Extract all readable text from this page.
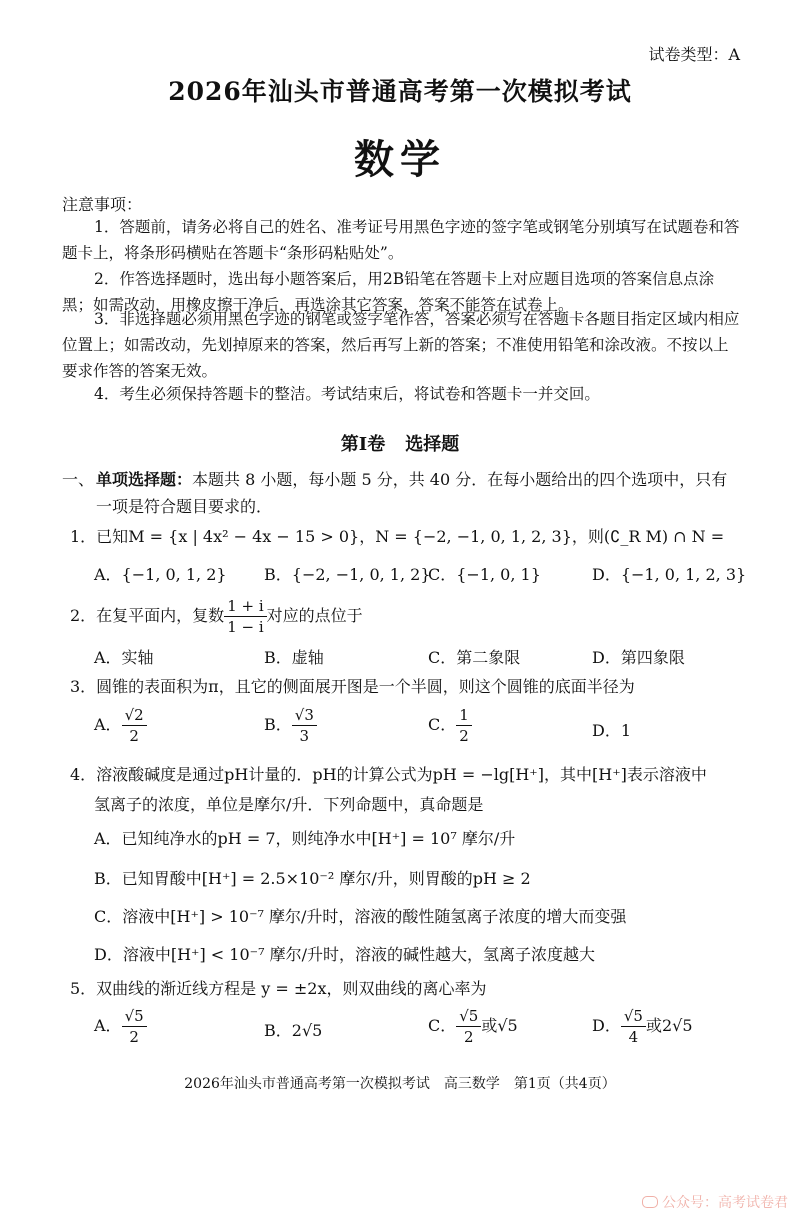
试卷类型：A
2026年汕头市普通高考第一次模拟考试
数学
注意事项：
1．答题前，请务必将自己的姓名、准考证号用黑色字迹的签字笔或钢笔分别填写在试题卷和答题卡上，将条形码横贴在答题卡“条形码粘贴处”。
2．作答选择题时，选出每小题答案后，用2B铅笔在答题卡上对应题目选项的答案信息点涂黑；如需改动，用橡皮擦干净后，再选涂其它答案，答案不能答在试卷上。
3．非选择题必须用黑色字迹的钢笔或签字笔作答，答案必须写在答题卡各题目指定区域内相应位置上；如需改动，先划掉原来的答案，然后再写上新的答案；不准使用铅笔和涂改液。不按以上要求作答的答案无效。
4．考生必须保持答题卡的整洁。考试结束后，将试卷和答题卡一并交回。
第Ⅰ卷 选择题
一、 单项选择题：本题共 8 小题，每小题 5 分，共 40 分．在每小题给出的四个选项中，只有
一项是符合题目要求的．
1．已知M = {x | 4x² − 4x − 15 > 0}，N = {−2, −1, 0, 1, 2, 3}，则(∁_R M) ∩ N =
A．{−1, 0, 1, 2} B．{−2, −1, 0, 1, 2}
C．{−1, 0, 1}	D．{−1, 0, 1, 2, 3}
2．在复平面内，复数 $\frac{1 + i}{1 - i}$ 对应的点位于
A．实轴	B．虚轴	C．第二象限	D．第四象限
3．圆锥的表面积为π，且它的侧面展开图是一个半圆，则这个圆锥的底面半径为
A． $\frac{√2}{2}$	B． $\frac{√3}{3}$	C． $\frac{1}{2}$	D．1
4．溶液酸碱度是通过pH计量的．pH的计算公式为pH = −lg[H⁺]，其中[H⁺]表示溶液中
氢离子的浓度，单位是摩尔/升．下列命题中，真命题是
A．已知纯净水的pH = 7，则纯净水中[H⁺] = 10⁷ 摩尔/升
B．已知胃酸中[H⁺] = 2.5×10⁻² 摩尔/升，则胃酸的pH ≥ 2
C．溶液中[H⁺] > 10⁻⁷ 摩尔/升时，溶液的酸性随氢离子浓度的增大而变强
D．溶液中[H⁺] < 10⁻⁷ 摩尔/升时，溶液的碱性越大，氢离子浓度越大
5．双曲线的渐近线方程是 y = ±2x，则双曲线的离心率为
A． $\frac{√5}{2}$	B．2√5	C． $\frac{√5}{2}$ 或√5	D． $\frac{√5}{4}$ 或2√5
2026年汕头市普通高考第一次模拟考试　高三数学　第1页（共4页）
公众号：高考试卷君
